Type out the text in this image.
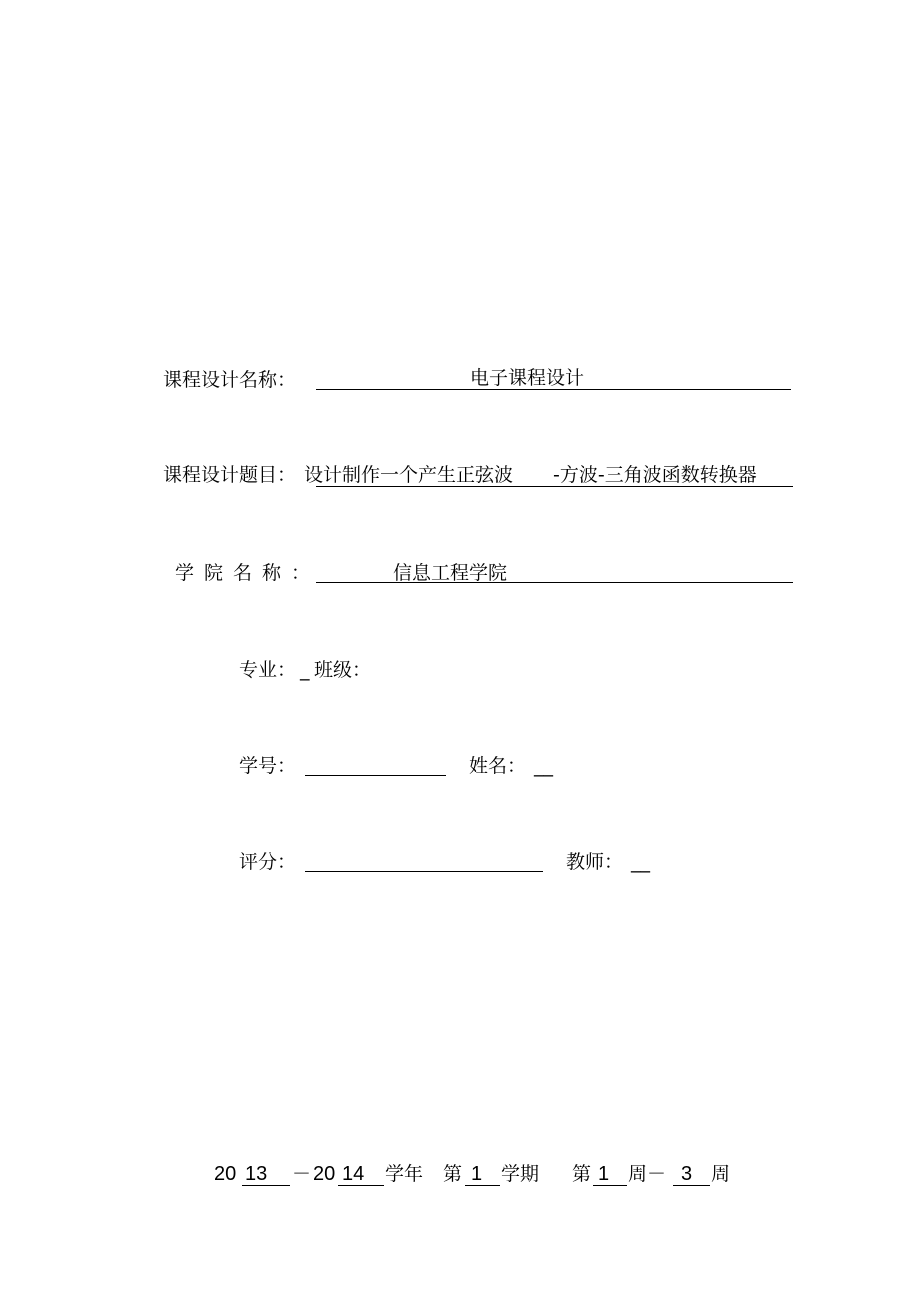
课程设计名称：	电子课程设计
课程设计题目： 设计制作一个产生正弦波 -方波-三角波函数转换器
学院名称：	信息工程学院
专业： _ 班级：
学号：	姓名： __
评分：	教师： __
20 13 － 20 14 学年 第 1 学期 第 1 周－ 3 周
